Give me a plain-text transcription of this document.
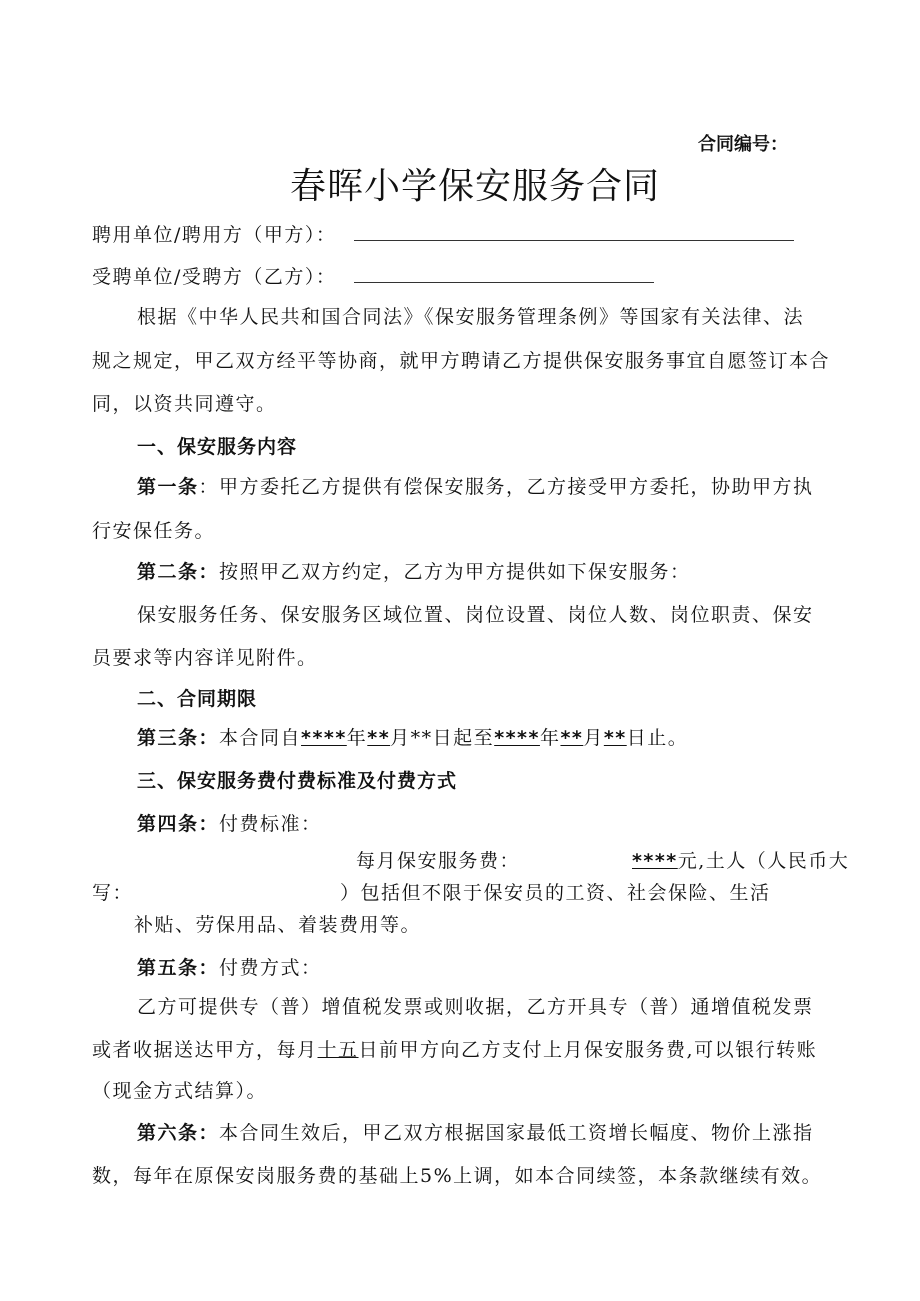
合同编号：
春晖小学保安服务合同
聘用单位/聘用方（甲方）：
受聘单位/受聘方（乙方）：
根据《中华人民共和国合同法》《保安服务管理条例》等国家有关法律、法
规之规定，甲乙双方经平等协商，就甲方聘请乙方提供保安服务事宜自愿签订本合
同，以资共同遵守。
一、保安服务内容
第一条：甲方委托乙方提供有偿保安服务，乙方接受甲方委托，协助甲方执
行安保任务。
第二条：按照甲乙双方约定，乙方为甲方提供如下保安服务：
保安服务任务、保安服务区域位置、岗位设置、岗位人数、岗位职责、保安
员要求等内容详见附件。
二、合同期限
第三条：本合同自****年**月**日起至****年**月**日止。
三、保安服务费付费标准及付费方式
第四条：付费标准：
每月保安服务费：	****元,土人（人民币大
写：	）包括但不限于保安员的工资、社会保险、生活
补贴、劳保用品、着装费用等。
第五条：付费方式：
乙方可提供专（普）增值税发票或则收据，乙方开具专（普）通增值税发票
或者收据送达甲方，每月十五日前甲方向乙方支付上月保安服务费,可以银行转账
（现金方式结算）。
第六条：本合同生效后，甲乙双方根据国家最低工资增长幅度、物价上涨指
数，每年在原保安岗服务费的基础上5%上调，如本合同续签，本条款继续有效。
